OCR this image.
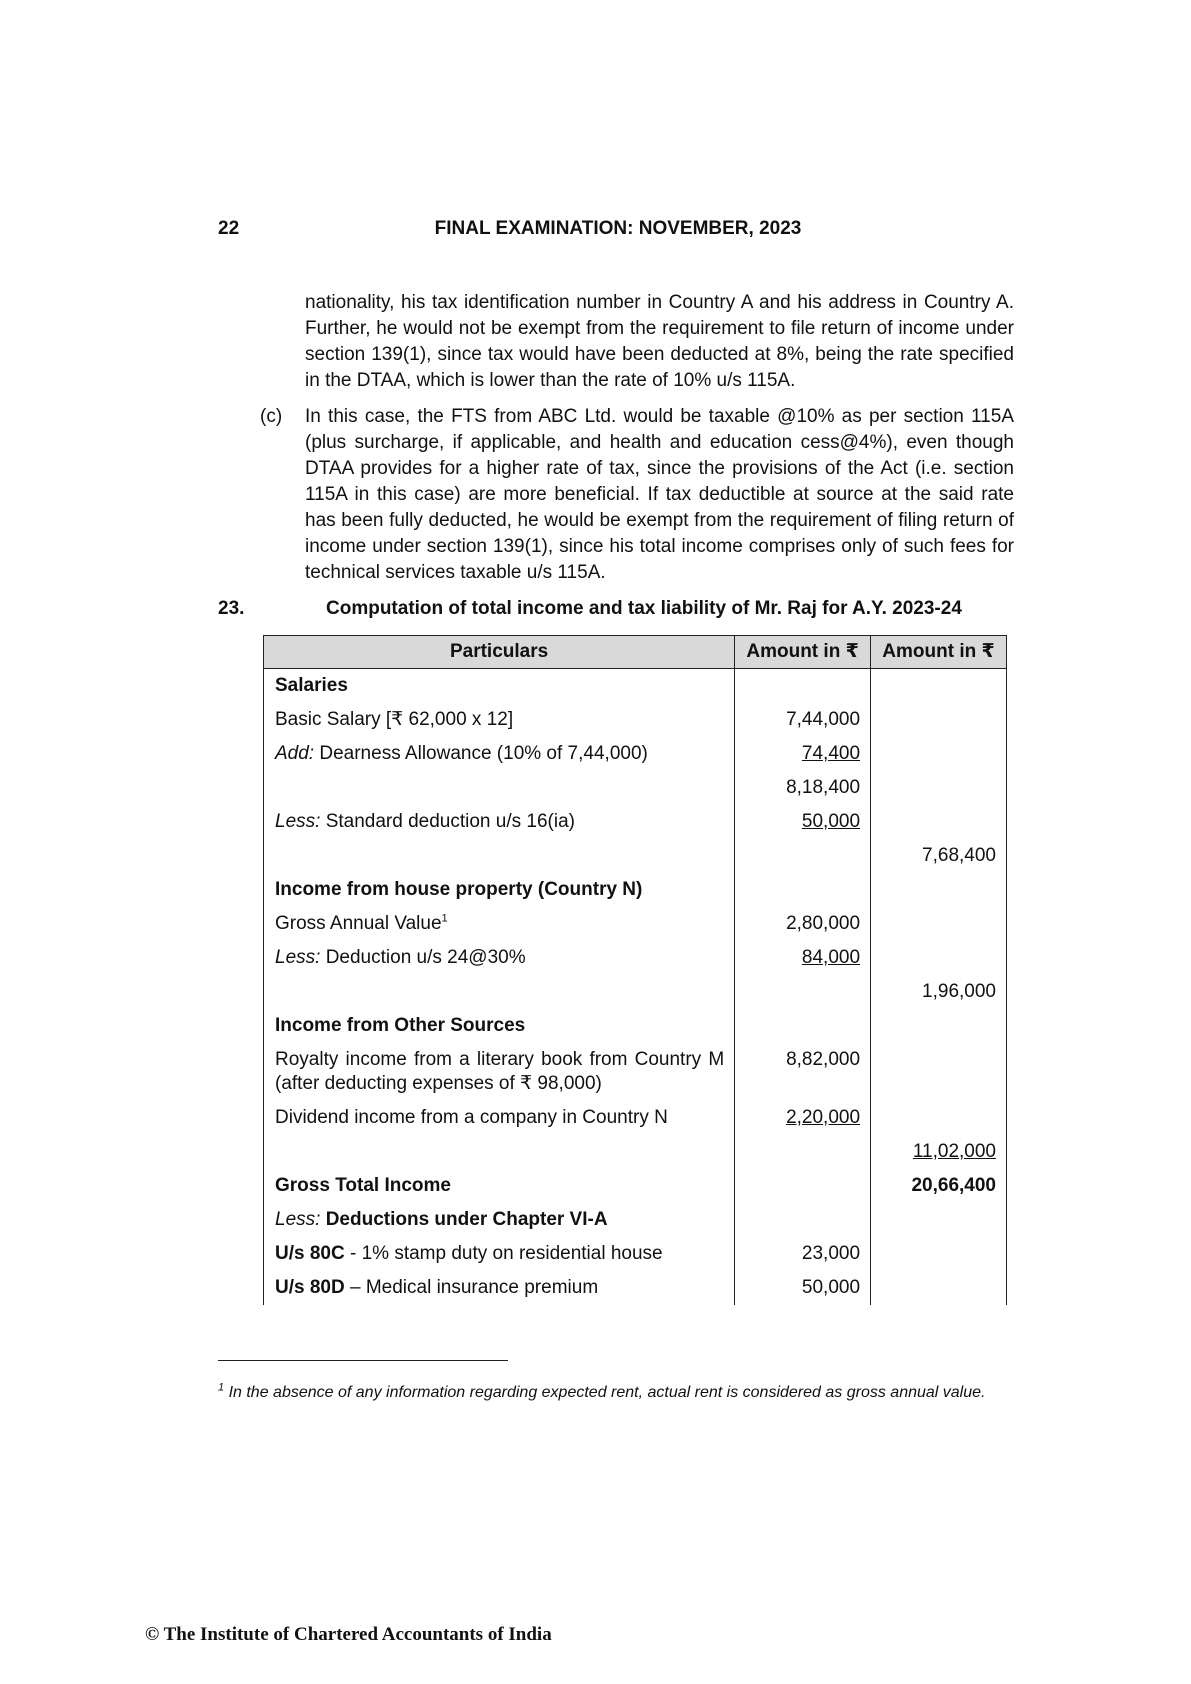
22	FINAL EXAMINATION: NOVEMBER, 2023
nationality, his tax identification number in Country A and his address in Country A. Further, he would not be exempt from the requirement to file return of income under section 139(1), since tax would have been deducted at 8%, being the rate specified in the DTAA, which is lower than the rate of 10% u/s 115A.
(c) In this case, the FTS from ABC Ltd. would be taxable @10% as per section 115A (plus surcharge, if applicable, and health and education cess@4%), even though DTAA provides for a higher rate of tax, since the provisions of the Act (i.e. section 115A in this case) are more beneficial. If tax deductible at source at the said rate has been fully deducted, he would be exempt from the requirement of filing return of income under section 139(1), since his total income comprises only of such fees for technical services taxable u/s 115A.
23.	Computation of total income and tax liability of Mr. Raj for A.Y. 2023-24
Particulars	Amount in ₹	Amount in ₹
Salaries		
Basic Salary [₹ 62,000 x 12]	7,44,000	
Add: Dearness Allowance (10% of 7,44,000)	74,400	
	8,18,400	
Less: Standard deduction u/s 16(ia)	50,000	
		7,68,400
Income from house property (Country N)		
Gross Annual Value$^1$	2,80,000	
Less: Deduction u/s 24@30%	84,000	
		1,96,000
Income from Other Sources		
Royalty income from a literary book from Country M (after deducting expenses of ₹ 98,000)	8,82,000	
Dividend income from a company in Country N	2,20,000	
		11,02,000
Gross Total Income		20,66,400
Less: Deductions under Chapter VI-A		
U/s 80C - 1% stamp duty on residential house	23,000	
U/s 80D – Medical insurance premium	50,000	
$^1$ In the absence of any information regarding expected rent, actual rent is considered as gross annual value.
© The Institute of Chartered Accountants of India
